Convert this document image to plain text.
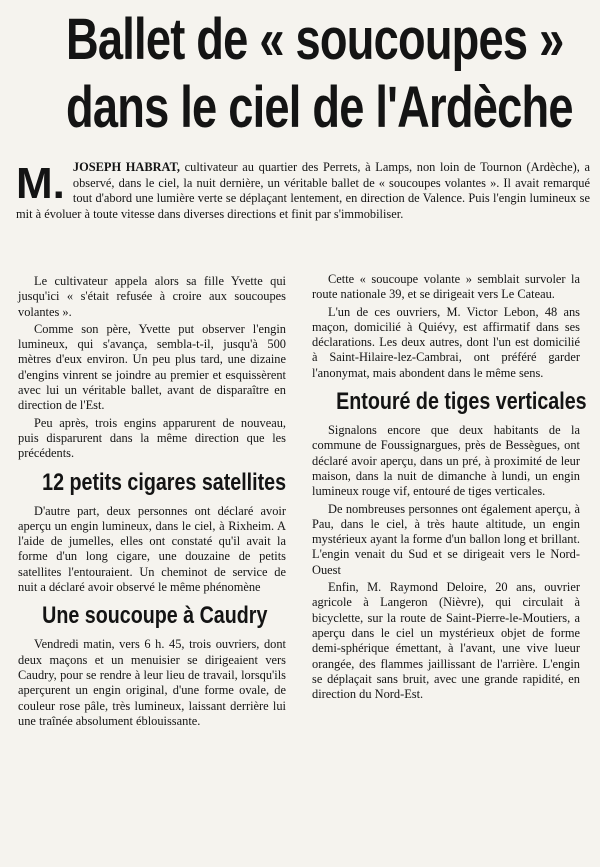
Ballet de « soucoupes »
dans le ciel de l'Ardèche
M. JOSEPH HABRAT, cultivateur au quartier des Perrets, à Lamps, non loin de Tournon (Ardèche), a observé, dans le ciel, la nuit dernière, un véritable ballet de « soucoupes volantes ». Il avait remarqué tout d'abord une lumière verte se déplaçant lentement, en direction de Valence. Puis l'engin lumineux se mit à évoluer à toute vitesse dans diverses directions et finit par s'immobiliser.

Le cultivateur appela alors sa fille Yvette qui jusqu'ici « s'était refusée à croire aux soucoupes volantes ».

Comme son père, Yvette put observer l'engin lumineux, qui s'avança, sembla-t-il, jusqu'à 500 mètres d'eux environ. Un peu plus tard, une dizaine d'engins vinrent se joindre au premier et esquissèrent avec lui un véritable ballet, avant de disparaître en direction de l'Est.

Peu après, trois engins apparurent de nouveau, puis disparurent dans la même direction que les précédents.

12 petits cigares satellites

D'autre part, deux personnes ont déclaré avoir aperçu un engin lumineux, dans le ciel, à Rixheim. A l'aide de jumelles, elles ont constaté qu'il avait la forme d'un long cigare, une douzaine de petits satellites l'entouraient. Un cheminot de service de nuit a déclaré avoir observé le même phénomène

Une soucoupe à Caudry

Vendredi matin, vers 6 h. 45, trois ouvriers, dont deux maçons et un menuisier se dirigeaient vers Caudry, pour se rendre à leur lieu de travail, lorsqu'ils aperçurent un engin original, d'une forme ovale, de couleur rose pâle, très lumineux, laissant derrière lui une traînée absolument éblouissante.

Cette « soucoupe volante » semblait survoler la route nationale 39, et se dirigeait vers Le Cateau.

L'un de ces ouvriers, M. Victor Lebon, 48 ans maçon, domicilié à Quiévy, est affirmatif dans ses déclarations. Les deux autres, dont l'un est domicilié à Saint-Hilaire-lez-Cambrai, ont préféré garder l'anonymat, mais abondent dans le même sens.

Entouré de tiges verticales

Signalons encore que deux habitants de la commune de Foussignargues, près de Bessègues, ont déclaré avoir aperçu, dans un pré, à proximité de leur maison, dans la nuit de dimanche à lundi, un engin lumineux rouge vif, entouré de tiges verticales.

De nombreuses personnes ont également aperçu, à Pau, dans le ciel, à très haute altitude, un engin mystérieux ayant la forme d'un ballon long et brillant. L'engin venait du Sud et se dirigeait vers le Nord-Ouest

Enfin, M. Raymond Deloire, 20 ans, ouvrier agricole à Langeron (Nièvre), qui circulait à bicyclette, sur la route de Saint-Pierre-le-Moutiers, a aperçu dans le ciel un mystérieux objet de forme demi-sphérique émettant, à l'avant, une vive lueur orangée, des flammes jaillissant de l'arrière. L'engin se déplaçait sans bruit, avec une grande rapidité, en direction du Nord-Est.
